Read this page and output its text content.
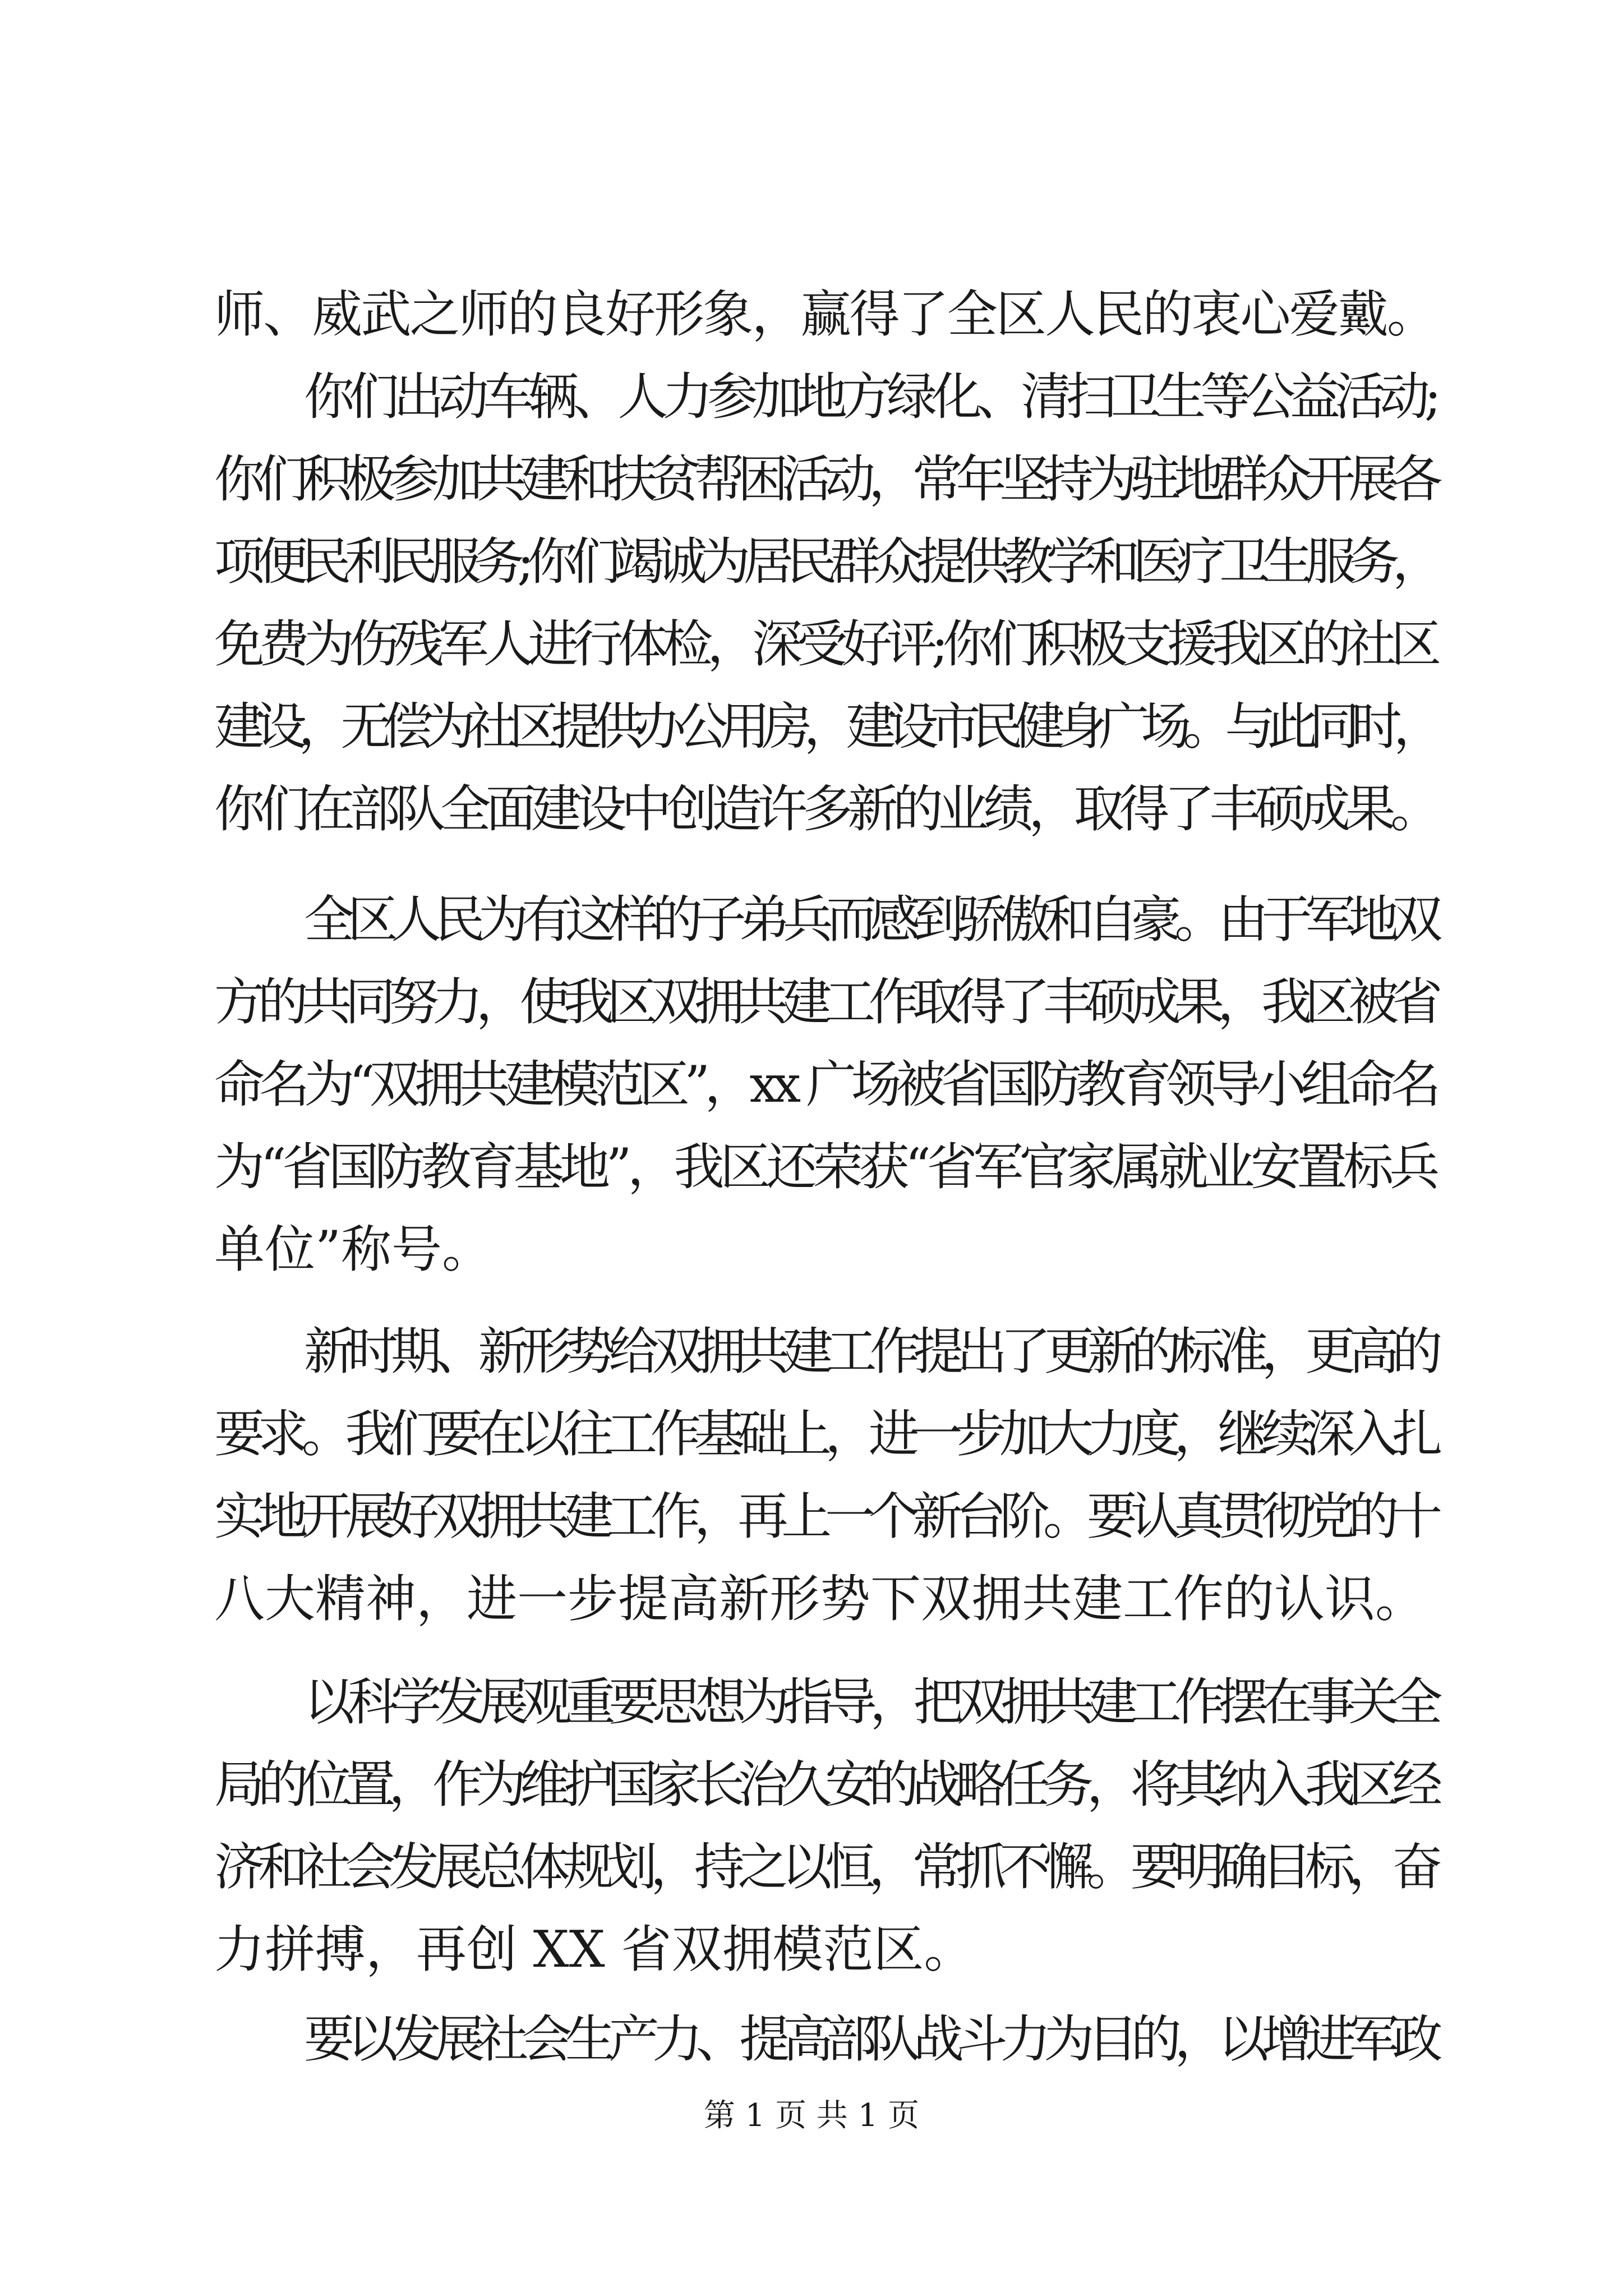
师、威武之师的良好形象，赢得了全区人民的衷心爱戴。
你们出动车辆、人力参加地方绿化、清扫卫生等公益活动;
你们积极参加共建和扶贫帮困活动，常年坚持为驻地群众开展各
项便民利民服务;你们竭诚为居民群众提供教学和医疗卫生服务，
免费为伤残军人进行体检，深受好评;你们积极支援我区的社区
建设，无偿为社区提供办公用房，建设市民健身广场。与此同时，
你们在部队全面建设中创造许多新的业绩，取得了丰硕成果。
全区人民为有这样的子弟兵而感到骄傲和自豪。由于军地双
方的共同努力，使我区双拥共建工作取得了丰硕成果，我区被省
命名为“双拥共建模范区”，xx 广场被省国防教育领导小组命名
为“省国防教育基地”，我区还荣获“省军官家属就业安置标兵
单位”称号。
新时期、新形势给双拥共建工作提出了更新的标准，更高的
要求。我们要在以往工作基础上，进一步加大力度，继续深入扎
实地开展好双拥共建工作，再上一个新台阶。要认真贯彻党的十
八大精神，进一步提高新形势下双拥共建工作的认识。
以科学发展观重要思想为指导，把双拥共建工作摆在事关全
局的位置，作为维护国家长治久安的战略任务，将其纳入我区经
济和社会发展总体规划，持之以恒，常抓不懈。要明确目标，奋
力拼搏，再创 XX 省双拥模范区。
要以发展社会生产力、提高部队战斗力为目的，以增进军政
第 1 页 共 1 页
